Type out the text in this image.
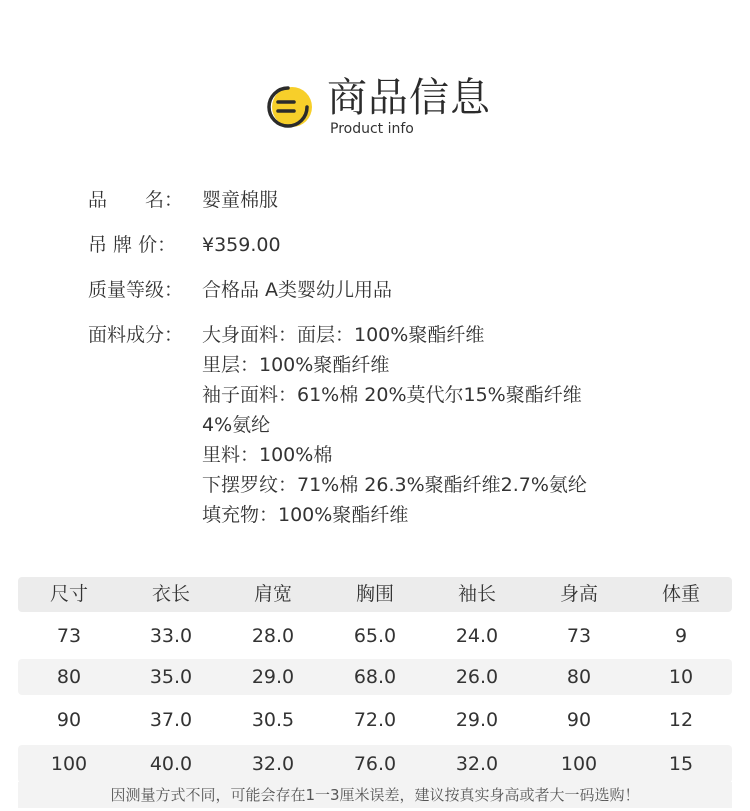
商品信息
Product info
品　　名： 婴童棉服
吊 牌 价： ¥359.00
质量等级： 合格品 A类婴幼儿用品
面料成分： 大身面料：面层：100%聚酯纤维
里层：100%聚酯纤维
袖子面料：61%棉 20%莫代尔15%聚酯纤维
4%氨纶
里料：100%棉
下摆罗纹：71%棉 26.3%聚酯纤维2.7%氨纶
填充物：100%聚酯纤维
尺寸	衣长	肩宽	胸围	袖长	身高	体重
73	33.0	28.0	65.0	24.0	73	9
80	35.0	29.0	68.0	26.0	80	10
90	37.0	30.5	72.0	29.0	90	12
100	40.0	32.0	76.0	32.0	100	15
因测量方式不同，可能会存在1一3厘米误差，建议按真实身高或者大一码选购！
